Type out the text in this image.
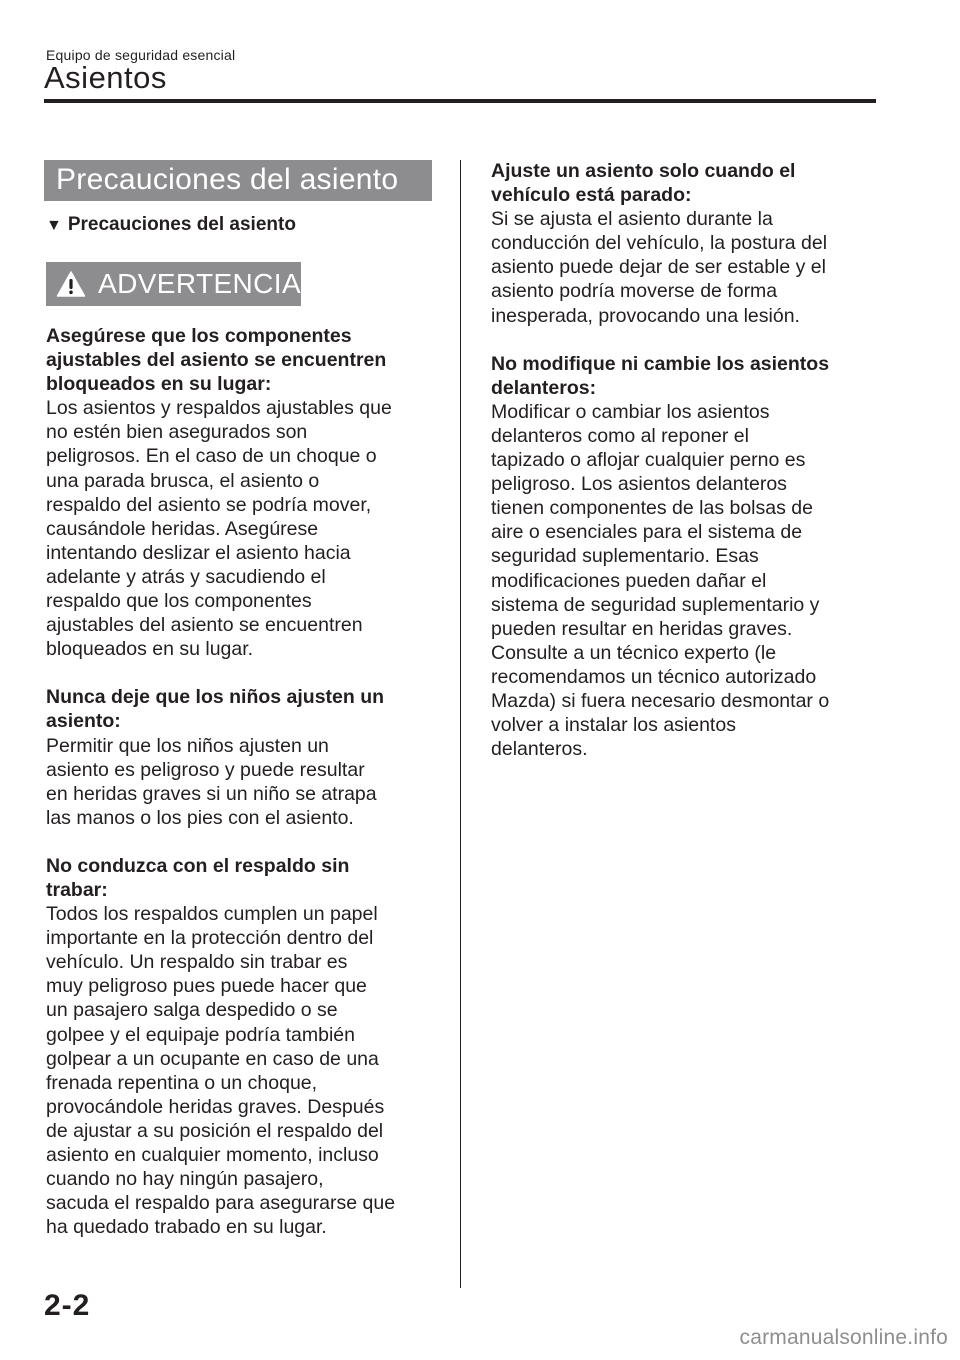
Equipo de seguridad esencial
Asientos
Precauciones del asiento
▼ Precauciones del asiento
ADVERTENCIA
Asegúrese que los componentes
ajustables del asiento se encuentren
bloqueados en su lugar:
Los asientos y respaldos ajustables que
no estén bien asegurados son
peligrosos. En el caso de un choque o
una parada brusca, el asiento o
respaldo del asiento se podría mover,
causándole heridas. Asegúrese
intentando deslizar el asiento hacia
adelante y atrás y sacudiendo el
respaldo que los componentes
ajustables del asiento se encuentren
bloqueados en su lugar.
Nunca deje que los niños ajusten un
asiento:
Permitir que los niños ajusten un
asiento es peligroso y puede resultar
en heridas graves si un niño se atrapa
las manos o los pies con el asiento.
No conduzca con el respaldo sin
trabar:
Todos los respaldos cumplen un papel
importante en la protección dentro del
vehículo. Un respaldo sin trabar es
muy peligroso pues puede hacer que
un pasajero salga despedido o se
golpee y el equipaje podría también
golpear a un ocupante en caso de una
frenada repentina o un choque,
provocándole heridas graves. Después
de ajustar a su posición el respaldo del
asiento en cualquier momento, incluso
cuando no hay ningún pasajero,
sacuda el respaldo para asegurarse que
ha quedado trabado en su lugar.
Ajuste un asiento solo cuando el
vehículo está parado:
Si se ajusta el asiento durante la
conducción del vehículo, la postura del
asiento puede dejar de ser estable y el
asiento podría moverse de forma
inesperada, provocando una lesión.
No modifique ni cambie los asientos
delanteros:
Modificar o cambiar los asientos
delanteros como al reponer el
tapizado o aflojar cualquier perno es
peligroso. Los asientos delanteros
tienen componentes de las bolsas de
aire o esenciales para el sistema de
seguridad suplementario. Esas
modificaciones pueden dañar el
sistema de seguridad suplementario y
pueden resultar en heridas graves.
Consulte a un técnico experto (le
recomendamos un técnico autorizado
Mazda) si fuera necesario desmontar o
volver a instalar los asientos
delanteros.
2-2
carmanualsonline.info
